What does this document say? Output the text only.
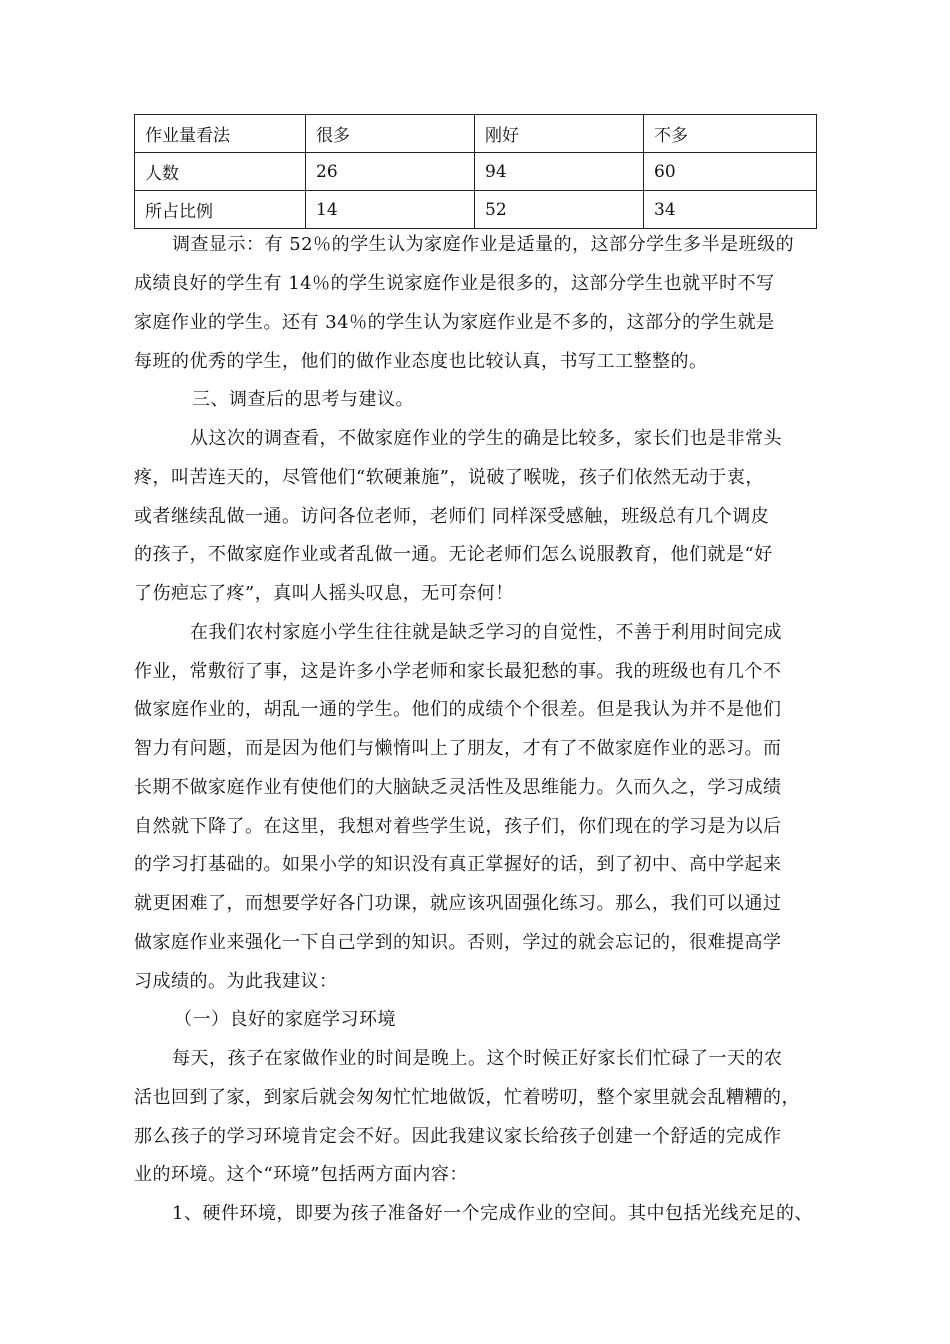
作业量看法	很多	刚好	不多
人数	26	94	60
所占比例	14	52	34
调查显示：有 52％的学生认为家庭作业是适量的，这部分学生多半是班级的
成绩良好的学生有 14％的学生说家庭作业是很多的，这部分学生也就平时不写
家庭作业的学生。还有 34％的学生认为家庭作业是不多的，这部分的学生就是
每班的优秀的学生，他们的做作业态度也比较认真，书写工工整整的。
三、调查后的思考与建议。
从这次的调查看，不做家庭作业的学生的确是比较多，家长们也是非常头
疼，叫苦连天的，尽管他们“软硬兼施”，说破了喉咙，孩子们依然无动于衷，
或者继续乱做一通。访问各位老师，老师们 同样深受感触，班级总有几个调皮
的孩子，不做家庭作业或者乱做一通。无论老师们怎么说服教育，他们就是“好
了伤疤忘了疼”，真叫人摇头叹息，无可奈何！
在我们农村家庭小学生往往就是缺乏学习的自觉性，不善于利用时间完成
作业，常敷衍了事，这是许多小学老师和家长最犯愁的事。我的班级也有几个不
做家庭作业的，胡乱一通的学生。他们的成绩个个很差。但是我认为并不是他们
智力有问题，而是因为他们与懒惰叫上了朋友，才有了不做家庭作业的恶习。而
长期不做家庭作业有使他们的大脑缺乏灵活性及思维能力。久而久之，学习成绩
自然就下降了。在这里，我想对着些学生说，孩子们，你们现在的学习是为以后
的学习打基础的。如果小学的知识没有真正掌握好的话，到了初中、高中学起来
就更困难了，而想要学好各门功课，就应该巩固强化练习。那么，我们可以通过
做家庭作业来强化一下自己学到的知识。否则，学过的就会忘记的，很难提高学
习成绩的。为此我建议：
（一）良好的家庭学习环境
每天，孩子在家做作业的时间是晚上。这个时候正好家长们忙碌了一天的农
活也回到了家，到家后就会匆匆忙忙地做饭，忙着唠叨，整个家里就会乱糟糟的，
那么孩子的学习环境肯定会不好。因此我建议家长给孩子创建一个舒适的完成作
业的环境。这个“环境”包括两方面内容：
1、硬件环境，即要为孩子准备好一个完成作业的空间。其中包括光线充足的、
